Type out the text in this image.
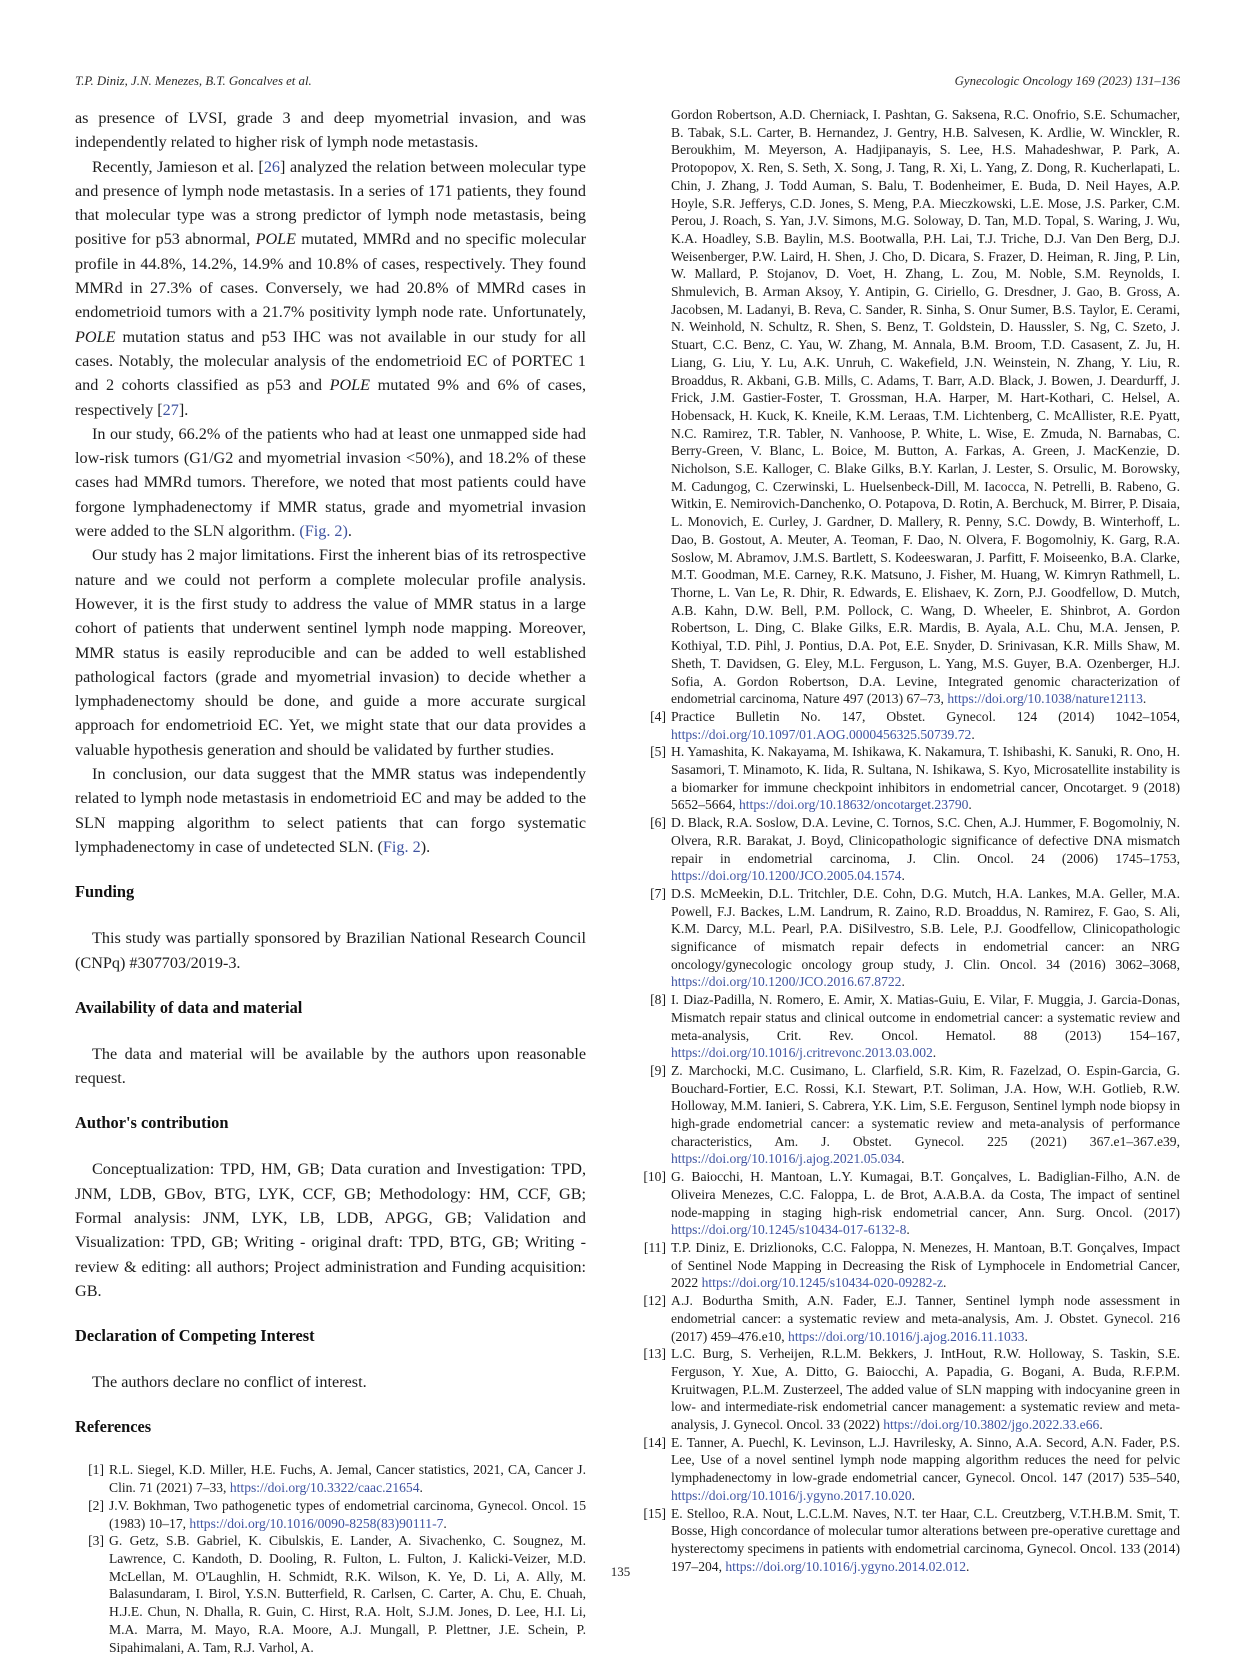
T.P. Diniz, J.N. Menezes, B.T. Goncalves et al.	Gynecologic Oncology 169 (2023) 131–136

as presence of LVSI, grade 3 and deep myometrial invasion, and was independently related to higher risk of lymph node metastasis.

Recently, Jamieson et al. [26] analyzed the relation between molecular type and presence of lymph node metastasis. In a series of 171 patients, they found that molecular type was a strong predictor of lymph node metastasis, being positive for p53 abnormal, POLE mutated, MMRd and no specific molecular profile in 44.8%, 14.2%, 14.9% and 10.8% of cases, respectively. They found MMRd in 27.3% of cases. Conversely, we had 20.8% of MMRd cases in endometrioid tumors with a 21.7% positivity lymph node rate. Unfortunately, POLE mutation status and p53 IHC was not available in our study for all cases. Notably, the molecular analysis of the endometrioid EC of PORTEC 1 and 2 cohorts classified as p53 and POLE mutated 9% and 6% of cases, respectively [27].

In our study, 66.2% of the patients who had at least one unmapped side had low-risk tumors (G1/G2 and myometrial invasion <50%), and 18.2% of these cases had MMRd tumors. Therefore, we noted that most patients could have forgone lymphadenectomy if MMR status, grade and myometrial invasion were added to the SLN algorithm. (Fig. 2).

Our study has 2 major limitations. First the inherent bias of its retrospective nature and we could not perform a complete molecular profile analysis. However, it is the first study to address the value of MMR status in a large cohort of patients that underwent sentinel lymph node mapping. Moreover, MMR status is easily reproducible and can be added to well established pathological factors (grade and myometrial invasion) to decide whether a lymphadenectomy should be done, and guide a more accurate surgical approach for endometrioid EC. Yet, we might state that our data provides a valuable hypothesis generation and should be validated by further studies.

In conclusion, our data suggest that the MMR status was independently related to lymph node metastasis in endometrioid EC and may be added to the SLN mapping algorithm to select patients that can forgo systematic lymphadenectomy in case of undetected SLN. (Fig. 2).

Funding

This study was partially sponsored by Brazilian National Research Council (CNPq) #307703/2019-3.

Availability of data and material

The data and material will be available by the authors upon reasonable request.

Author's contribution

Conceptualization: TPD, HM, GB; Data curation and Investigation: TPD, JNM, LDB, GBov, BTG, LYK, CCF, GB; Methodology: HM, CCF, GB; Formal analysis: JNM, LYK, LB, LDB, APGG, GB; Validation and Visualization: TPD, GB; Writing - original draft: TPD, BTG, GB; Writing - review & editing: all authors; Project administration and Funding acquisition: GB.

Declaration of Competing Interest

The authors declare no conflict of interest.

References
[1] R.L. Siegel, K.D. Miller, H.E. Fuchs, A. Jemal, Cancer statistics, 2021, CA, Cancer J. Clin. 71 (2021) 7–33, https://doi.org/10.3322/caac.21654.
[2] J.V. Bokhman, Two pathogenetic types of endometrial carcinoma, Gynecol. Oncol. 15 (1983) 10–17, https://doi.org/10.1016/0090-8258(83)90111-7.
[3] G. Getz, S.B. Gabriel, K. Cibulskis, E. Lander, A. Sivachenko, C. Sougnez, M. Lawrence, C. Kandoth, D. Dooling, R. Fulton, L. Fulton, J. Kalicki-Veizer, M.D. McLellan, M. O'Laughlin, H. Schmidt, R.K. Wilson, K. Ye, D. Li, A. Ally, M. Balasundaram, I. Birol, Y.S.N. Butterfield, R. Carlsen, C. Carter, A. Chu, E. Chuah, H.J.E. Chun, N. Dhalla, R. Guin, C. Hirst, R.A. Holt, S.J.M. Jones, D. Lee, H.I. Li, M.A. Marra, M. Mayo, R.A. Moore, A.J. Mungall, P. Plettner, J.E. Schein, P. Sipahimalani, A. Tam, R.J. Varhol, A.
Gordon Robertson, A.D. Cherniack, I. Pashtan, G. Saksena, R.C. Onofrio, S.E. Schumacher, B. Tabak, S.L. Carter, B. Hernandez, J. Gentry, H.B. Salvesen, K. Ardlie, W. Winckler, R. Beroukhim, M. Meyerson, A. Hadjipanayis, S. Lee, H.S. Mahadeshwar, P. Park, A. Protopopov, X. Ren, S. Seth, X. Song, J. Tang, R. Xi, L. Yang, Z. Dong, R. Kucherlapati, L. Chin, J. Zhang, J. Todd Auman, S. Balu, T. Bodenheimer, E. Buda, D. Neil Hayes, A.P. Hoyle, S.R. Jefferys, C.D. Jones, S. Meng, P.A. Mieczkowski, L.E. Mose, J.S. Parker, C.M. Perou, J. Roach, S. Yan, J.V. Simons, M.G. Soloway, D. Tan, M.D. Topal, S. Waring, J. Wu, K.A. Hoadley, S.B. Baylin, M.S. Bootwalla, P.H. Lai, T.J. Triche, D.J. Van Den Berg, D.J. Weisenberger, P.W. Laird, H. Shen, J. Cho, D. Dicara, S. Frazer, D. Heiman, R. Jing, P. Lin, W. Mallard, P. Stojanov, D. Voet, H. Zhang, L. Zou, M. Noble, S.M. Reynolds, I. Shmulevich, B. Arman Aksoy, Y. Antipin, G. Ciriello, G. Dresdner, J. Gao, B. Gross, A. Jacobsen, M. Ladanyi, B. Reva, C. Sander, R. Sinha, S. Onur Sumer, B.S. Taylor, E. Cerami, N. Weinhold, N. Schultz, R. Shen, S. Benz, T. Goldstein, D. Haussler, S. Ng, C. Szeto, J. Stuart, C.C. Benz, C. Yau, W. Zhang, M. Annala, B.M. Broom, T.D. Casasent, Z. Ju, H. Liang, G. Liu, Y. Lu, A.K. Unruh, C. Wakefield, J.N. Weinstein, N. Zhang, Y. Liu, R. Broaddus, R. Akbani, G.B. Mills, C. Adams, T. Barr, A.D. Black, J. Bowen, J. Deardurff, J. Frick, J.M. Gastier-Foster, T. Grossman, H.A. Harper, M. Hart-Kothari, C. Helsel, A. Hobensack, H. Kuck, K. Kneile, K.M. Leraas, T.M. Lichtenberg, C. McAllister, R.E. Pyatt, N.C. Ramirez, T.R. Tabler, N. Vanhoose, P. White, L. Wise, E. Zmuda, N. Barnabas, C. Berry-Green, V. Blanc, L. Boice, M. Button, A. Farkas, A. Green, J. MacKenzie, D. Nicholson, S.E. Kalloger, C. Blake Gilks, B.Y. Karlan, J. Lester, S. Orsulic, M. Borowsky, M. Cadungog, C. Czerwinski, L. Huelsenbeck-Dill, M. Iacocca, N. Petrelli, B. Rabeno, G. Witkin, E. Nemirovich-Danchenko, O. Potapova, D. Rotin, A. Berchuck, M. Birrer, P. Disaia, L. Monovich, E. Curley, J. Gardner, D. Mallery, R. Penny, S.C. Dowdy, B. Winterhoff, L. Dao, B. Gostout, A. Meuter, A. Teoman, F. Dao, N. Olvera, F. Bogomolniy, K. Garg, R.A. Soslow, M. Abramov, J.M.S. Bartlett, S. Kodeeswaran, J. Parfitt, F. Moiseenko, B.A. Clarke, M.T. Goodman, M.E. Carney, R.K. Matsuno, J. Fisher, M. Huang, W. Kimryn Rathmell, L. Thorne, L. Van Le, R. Dhir, R. Edwards, E. Elishaev, K. Zorn, P.J. Goodfellow, D. Mutch, A.B. Kahn, D.W. Bell, P.M. Pollock, C. Wang, D. Wheeler, E. Shinbrot, A. Gordon Robertson, L. Ding, C. Blake Gilks, E.R. Mardis, B. Ayala, A.L. Chu, M.A. Jensen, P. Kothiyal, T.D. Pihl, J. Pontius, D.A. Pot, E.E. Snyder, D. Srinivasan, K.R. Mills Shaw, M. Sheth, T. Davidsen, G. Eley, M.L. Ferguson, L. Yang, M.S. Guyer, B.A. Ozenberger, H.J. Sofia, A. Gordon Robertson, D.A. Levine, Integrated genomic characterization of endometrial carcinoma, Nature 497 (2013) 67–73, https://doi.org/10.1038/nature12113.
[4] Practice Bulletin No. 147, Obstet. Gynecol. 124 (2014) 1042–1054, https://doi.org/10.1097/01.AOG.0000456325.50739.72.
[5] H. Yamashita, K. Nakayama, M. Ishikawa, K. Nakamura, T. Ishibashi, K. Sanuki, R. Ono, H. Sasamori, T. Minamoto, K. Iida, R. Sultana, N. Ishikawa, S. Kyo, Microsatellite instability is a biomarker for immune checkpoint inhibitors in endometrial cancer, Oncotarget. 9 (2018) 5652–5664, https://doi.org/10.18632/oncotarget.23790.
[6] D. Black, R.A. Soslow, D.A. Levine, C. Tornos, S.C. Chen, A.J. Hummer, F. Bogomolniy, N. Olvera, R.R. Barakat, J. Boyd, Clinicopathologic significance of defective DNA mismatch repair in endometrial carcinoma, J. Clin. Oncol. 24 (2006) 1745–1753, https://doi.org/10.1200/JCO.2005.04.1574.
[7] D.S. McMeekin, D.L. Tritchler, D.E. Cohn, D.G. Mutch, H.A. Lankes, M.A. Geller, M.A. Powell, F.J. Backes, L.M. Landrum, R. Zaino, R.D. Broaddus, N. Ramirez, F. Gao, S. Ali, K.M. Darcy, M.L. Pearl, P.A. DiSilvestro, S.B. Lele, P.J. Goodfellow, Clinicopathologic significance of mismatch repair defects in endometrial cancer: an NRG oncology/gynecologic oncology group study, J. Clin. Oncol. 34 (2016) 3062–3068, https://doi.org/10.1200/JCO.2016.67.8722.
[8] I. Diaz-Padilla, N. Romero, E. Amir, X. Matias-Guiu, E. Vilar, F. Muggia, J. Garcia-Donas, Mismatch repair status and clinical outcome in endometrial cancer: a systematic review and meta-analysis, Crit. Rev. Oncol. Hematol. 88 (2013) 154–167, https://doi.org/10.1016/j.critrevonc.2013.03.002.
[9] Z. Marchocki, M.C. Cusimano, L. Clarfield, S.R. Kim, R. Fazelzad, O. Espin-Garcia, G. Bouchard-Fortier, E.C. Rossi, K.I. Stewart, P.T. Soliman, J.A. How, W.H. Gotlieb, R.W. Holloway, M.M. Ianieri, S. Cabrera, Y.K. Lim, S.E. Ferguson, Sentinel lymph node biopsy in high-grade endometrial cancer: a systematic review and meta-analysis of performance characteristics, Am. J. Obstet. Gynecol. 225 (2021) 367.e1–367.e39, https://doi.org/10.1016/j.ajog.2021.05.034.
[10] G. Baiocchi, H. Mantoan, L.Y. Kumagai, B.T. Gonçalves, L. Badiglian-Filho, A.N. de Oliveira Menezes, C.C. Faloppa, L. de Brot, A.A.B.A. da Costa, The impact of sentinel node-mapping in staging high-risk endometrial cancer, Ann. Surg. Oncol. (2017) https://doi.org/10.1245/s10434-017-6132-8.
[11] T.P. Diniz, E. Drizlionoks, C.C. Faloppa, N. Menezes, H. Mantoan, B.T. Gonçalves, Impact of Sentinel Node Mapping in Decreasing the Risk of Lymphocele in Endometrial Cancer, 2022 https://doi.org/10.1245/s10434-020-09282-z.
[12] A.J. Bodurtha Smith, A.N. Fader, E.J. Tanner, Sentinel lymph node assessment in endometrial cancer: a systematic review and meta-analysis, Am. J. Obstet. Gynecol. 216 (2017) 459–476.e10, https://doi.org/10.1016/j.ajog.2016.11.1033.
[13] L.C. Burg, S. Verheijen, R.L.M. Bekkers, J. IntHout, R.W. Holloway, S. Taskin, S.E. Ferguson, Y. Xue, A. Ditto, G. Baiocchi, A. Papadia, G. Bogani, A. Buda, R.F.P.M. Kruitwagen, P.L.M. Zusterzeel, The added value of SLN mapping with indocyanine green in low- and intermediate-risk endometrial cancer management: a systematic review and meta-analysis, J. Gynecol. Oncol. 33 (2022) https://doi.org/10.3802/jgo.2022.33.e66.
[14] E. Tanner, A. Puechl, K. Levinson, L.J. Havrilesky, A. Sinno, A.A. Secord, A.N. Fader, P.S. Lee, Use of a novel sentinel lymph node mapping algorithm reduces the need for pelvic lymphadenectomy in low-grade endometrial cancer, Gynecol. Oncol. 147 (2017) 535–540, https://doi.org/10.1016/j.ygyno.2017.10.020.
[15] E. Stelloo, R.A. Nout, L.C.L.M. Naves, N.T. ter Haar, C.L. Creutzberg, V.T.H.B.M. Smit, T. Bosse, High concordance of molecular tumor alterations between pre-operative curettage and hysterectomy specimens in patients with endometrial carcinoma, Gynecol. Oncol. 133 (2014) 197–204, https://doi.org/10.1016/j.ygyno.2014.02.012.
135
